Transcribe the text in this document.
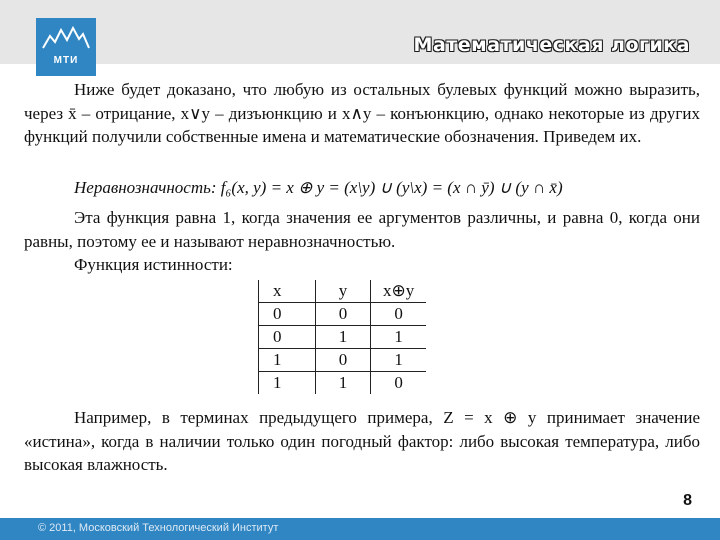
МТИ
Математическая логика
Ниже будет доказано, что любую из остальных булевых функций можно выразить, через x̄ – отрицание, x∨y – дизъюнкцию и x∧y – конъюнкцию, однако некоторые из других функций получили собственные имена и математические обозначения. Приведем их.
Неравнозначность: f₆(x, y) = x ⊕ y = (x\y) ∪ (y\x) = (x ∩ ȳ) ∪ (y ∩ x̄)
Эта функция равна 1, когда значения ее аргументов различны, и равна 0, когда они равны, поэтому ее и называют неравнозначностью.
Функция истинности:
x	y	x⊕y
0	0	0
0	1	1
1	0	1
1	1	0
Например, в терминах предыдущего примера, Z = x ⊕ y принимает значение «истина», когда в наличии только один погодный фактор: либо высокая температура, либо высокая влажность.
8
© 2011, Московский Технологический Институт
